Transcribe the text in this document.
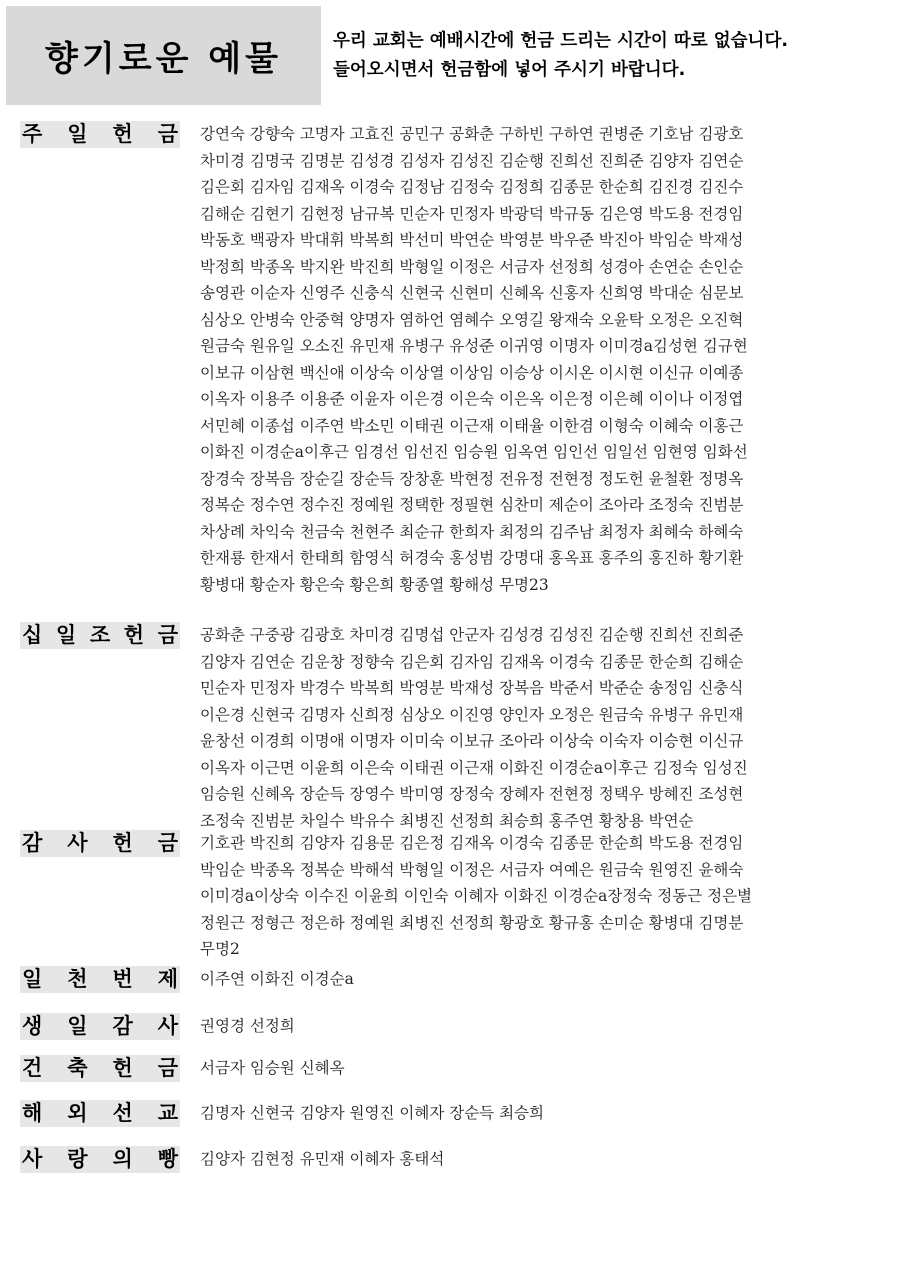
향기로운 예물	우리 교회는 예배시간에 헌금 드리는 시간이 따로 없습니다.
들어오시면서 헌금함에 넣어 주시기 바랍니다.
주 일 헌 금 강연숙 강향숙 고명자 고효진 공민구 공화춘 구하빈 구하연 권병준 기호남 김광호
차미경 김명국 김명분 김성경 김성자 김성진 김순행 진희선 진희준 김양자 김연순
김은회 김자임 김재옥 이경숙 김정남 김정숙 김정희 김종문 한순희 김진경 김진수
김해순 김현기 김현정 남규복 민순자 민정자 박광덕 박규동 김은영 박도용 전경임
박동호 백광자 박대휘 박복희 박선미 박연순 박영분 박우준 박진아 박임순 박재성
박정희 박종옥 박지완 박진희 박형일 이정은 서금자 선정희 성경아 손연순 손인순
송영관 이순자 신영주 신충식 신현국 신현미 신혜옥 신홍자 신희영 박대순 심문보
심상오 안병숙 안중혁 양명자 염하언 염혜수 오영길 왕재숙 오윤탁 오정은 오진혁
원금숙 원유일 오소진 유민재 유병구 유성준 이귀영 이명자 이미경a김성현 김규현
이보규 이삼현 백신애 이상숙 이상열 이상임 이승상 이시온 이시현 이신규 이예종
이옥자 이용주 이용준 이윤자 이은경 이은숙 이은옥 이은정 이은혜 이이나 이정엽
서민혜 이종섭 이주연 박소민 이태권 이근재 이태율 이한겸 이형숙 이혜숙 이홍근
이화진 이경순a이후근 임경선 임선진 임승원 임옥연 임인선 임일선 임현영 임화선
장경숙 장복음 장순길 장순득 장창훈 박현정 전유정 전현정 정도헌 윤철환 정명옥
정복순 정수연 정수진 정예원 정택한 정필현 심찬미 제순이 조아라 조정숙 진범분
차상례 차익숙 천금숙 천현주 최순규 한희자 최정의 김주남 최정자 최혜숙 하혜숙
한재룡 한재서 한태희 함영식 허경숙 홍성범 강명대 홍옥표 홍주의 홍진하 황기환
황병대 황순자 황은숙 황은희 황종열 황해성 무명23
십 일 조 헌 금 공화춘 구중광 김광호 차미경 김명섭 안군자 김성경 김성진 김순행 진희선 진희준
김양자 김연순 김운창 정향숙 김은회 김자임 김재옥 이경숙 김종문 한순희 김해순
민순자 민정자 박경수 박복희 박영분 박재성 장복음 박준서 박준순 송정임 신충식
이은경 신현국 김명자 신희정 심상오 이진영 양인자 오정은 원금숙 유병구 유민재
윤창선 이경희 이명애 이명자 이미숙 이보규 조아라 이상숙 이숙자 이승현 이신규
이옥자 이근면 이윤희 이은숙 이태권 이근재 이화진 이경순a이후근 김정숙 임성진
임승원 신혜옥 장순득 장영수 박미영 장정숙 장혜자 전현정 정택우 방혜진 조성현
조정숙 진범분 차일수 박유수 최병진 선정희 최승희 홍주연 황창용 박연순
감 사 헌 금 기호관 박진희 김양자 김용문 김은정 김재옥 이경숙 김종문 한순희 박도용 전경임
박임순 박종옥 정복순 박해석 박형일 이정은 서금자 여예은 원금숙 원영진 윤해숙
이미경a이상숙 이수진 이윤희 이인숙 이혜자 이화진 이경순a장정숙 정동근 정은별
정원근 정형근 정은하 정예원 최병진 선정희 황광호 황규홍 손미순 황병대 김명분
무명2
일 천 번 제 이주연 이화진 이경순a
생 일 감 사 권영경 선정희
건 축 헌 금 서금자 임승원 신혜옥
해 외 선 교 김명자 신현국 김양자 원영진 이혜자 장순득 최승희
사 랑 의 빵 김양자 김현정 유민재 이혜자 홍태석
